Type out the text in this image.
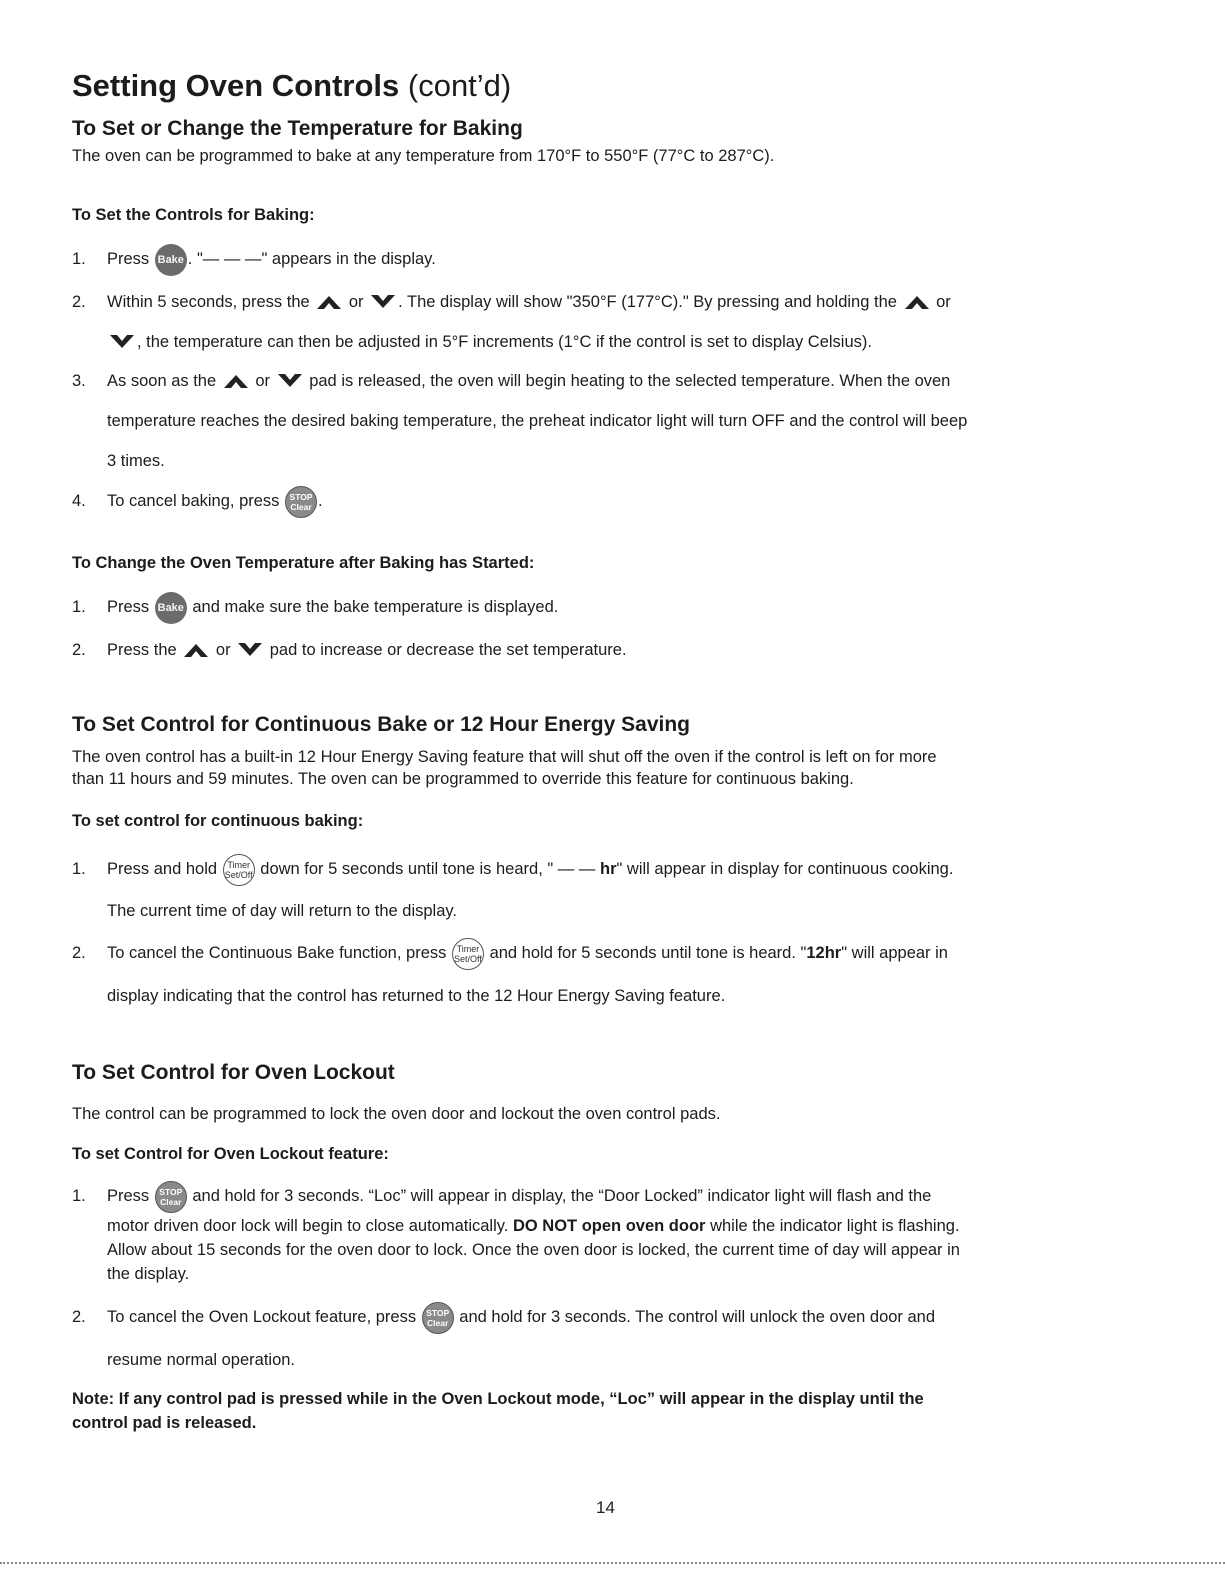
Setting Oven Controls (cont’d)
To Set or Change the Temperature for Baking
The oven can be programmed to bake at any temperature from 170°F to 550°F (77°C to 287°C).
To Set the Controls for Baking:
1. Press Bake . "— — —" appears in the display.
2. Within 5 seconds, press the or . The display will show "350°F (177°C)." By pressing and holding the or
, the temperature can then be adjusted in 5°F increments (1°C if the control is set to display Celsius).
3. As soon as the or pad is released, the oven will begin heating to the selected temperature. When the oven
temperature reaches the desired baking temperature, the preheat indicator light will turn OFF and the control will beep
3 times.
4. To cancel baking, press STOP
Clear .
To Change the Oven Temperature after Baking has Started:
1. Press Bake and make sure the bake temperature is displayed.
2. Press the or pad to increase or decrease the set temperature.
To Set Control for Continuous Bake or 12 Hour Energy Saving
The oven control has a built-in 12 Hour Energy Saving feature that will shut off the oven if the control is left on for more
than 11 hours and 59 minutes. The oven can be programmed to override this feature for continuous baking.
To set control for continuous baking:
1. Press and hold Timer
Set/Off down for 5 seconds until tone is heard, " — — hr" will appear in display for continuous cooking.
The current time of day will return to the display.
2. To cancel the Continuous Bake function, press Timer
Set/Off and hold for 5 seconds until tone is heard. "12hr" will appear in
display indicating that the control has returned to the 12 Hour Energy Saving feature.
To Set Control for Oven Lockout
The control can be programmed to lock the oven door and lockout the oven control pads.
To set Control for Oven Lockout feature:
1. Press STOP
Clear and hold for 3 seconds. “Loc” will appear in display, the “Door Locked” indicator light will flash and the
motor driven door lock will begin to close automatically. DO NOT open oven door while the indicator light is flashing.
Allow about 15 seconds for the oven door to lock. Once the oven door is locked, the current time of day will appear in
the display.
2. To cancel the Oven Lockout feature, press STOP
Clear and hold for 3 seconds. The control will unlock the oven door and
resume normal operation.
Note: If any control pad is pressed while in the Oven Lockout mode, “Loc” will appear in the display until the
control pad is released.
14
